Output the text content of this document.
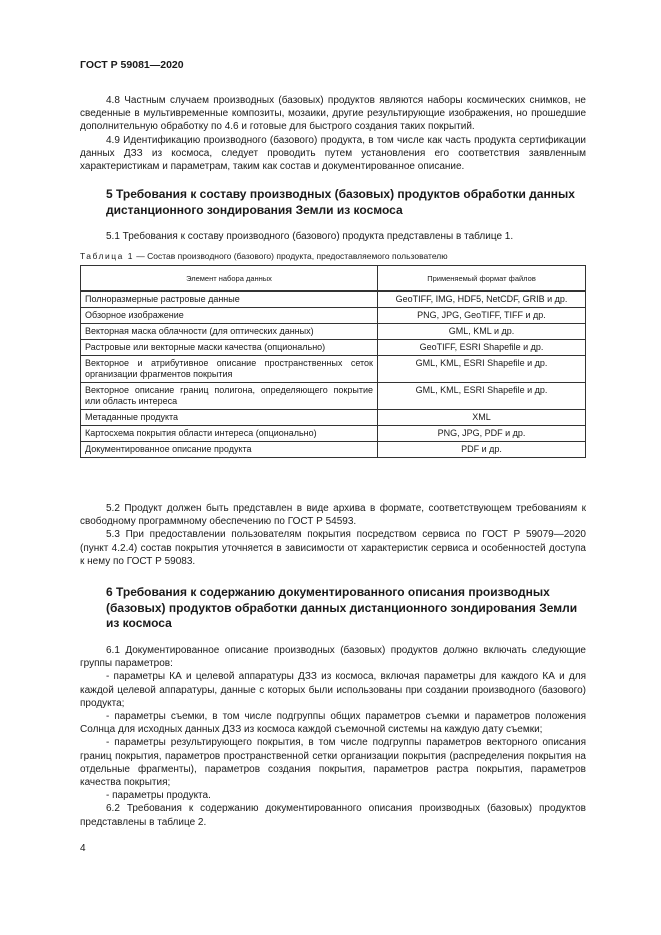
ГОСТ Р 59081—2020

4.8 Частным случаем производных (базовых) продуктов являются наборы космических снимков, не сведенные в мультивременные композиты, мозаики, другие результирующие изображения, но прошедшие дополнительную обработку по 4.6 и готовые для быстрого создания таких покрытий.

4.9 Идентификацию производного (базового) продукта, в том числе как часть продукта сертификации данных ДЗЗ из космоса, следует проводить путем установления его соответствия заявленным характеристикам и параметрам, таким как состав и документированное описание.

5 Требования к составу производных (базовых) продуктов обработки данных дистанционного зондирования Земли из космоса

5.1 Требования к составу производного (базового) продукта представлены в таблице 1.

Таблица 1 — Состав производного (базового) продукта, предоставляемого пользователю
Элемент набора данных	Применяемый формат файлов
Полноразмерные растровые данные	GeoTIFF, IMG, HDF5, NetCDF, GRIB и др.
Обзорное изображение	PNG, JPG, GeoTIFF, TIFF и др.
Векторная маска облачности (для оптических данных)	GML, KML и др.
Растровые или векторные маски качества (опционально)	GeoTIFF, ESRI Shapefile и др.
Векторное и атрибутивное описание пространственных сеток организации фрагментов покрытия	GML, KML, ESRI Shapefile и др.
Векторное описание границ полигона, определяющего покрытие или область интереса	GML, KML, ESRI Shapefile и др.
Метаданные продукта	XML
Картосхема покрытия области интереса (опционально)	PNG, JPG, PDF и др.
Документированное описание продукта	PDF и др.

5.2 Продукт должен быть представлен в виде архива в формате, соответствующем требованиям к свободному программному обеспечению по ГОСТ Р 54593.

5.3 При предоставлении пользователям покрытия посредством сервиса по ГОСТ Р 59079—2020 (пункт 4.2.4) состав покрытия уточняется в зависимости от характеристик сервиса и особенностей доступа к нему по ГОСТ Р 59083.

6 Требования к содержанию документированного описания производных (базовых) продуктов обработки данных дистанционного зондирования Земли из космоса

6.1 Документированное описание производных (базовых) продуктов должно включать следующие группы параметров:

- параметры КА и целевой аппаратуры ДЗЗ из космоса, включая параметры для каждого КА и для каждой целевой аппаратуры, данные с которых были использованы при создании производного (базового) продукта;

- параметры съемки, в том числе подгруппы общих параметров съемки и параметров положения Солнца для исходных данных ДЗЗ из космоса каждой съемочной системы на каждую дату съемки;

- параметры результирующего покрытия, в том числе подгруппы параметров векторного описания границ покрытия, параметров пространственной сетки организации покрытия (распределения покрытия на отдельные фрагменты), параметров создания покрытия, параметров растра покрытия, параметров качества покрытия;

- параметры продукта.

6.2 Требования к содержанию документированного описания производных (базовых) продуктов представлены в таблице 2.

4
